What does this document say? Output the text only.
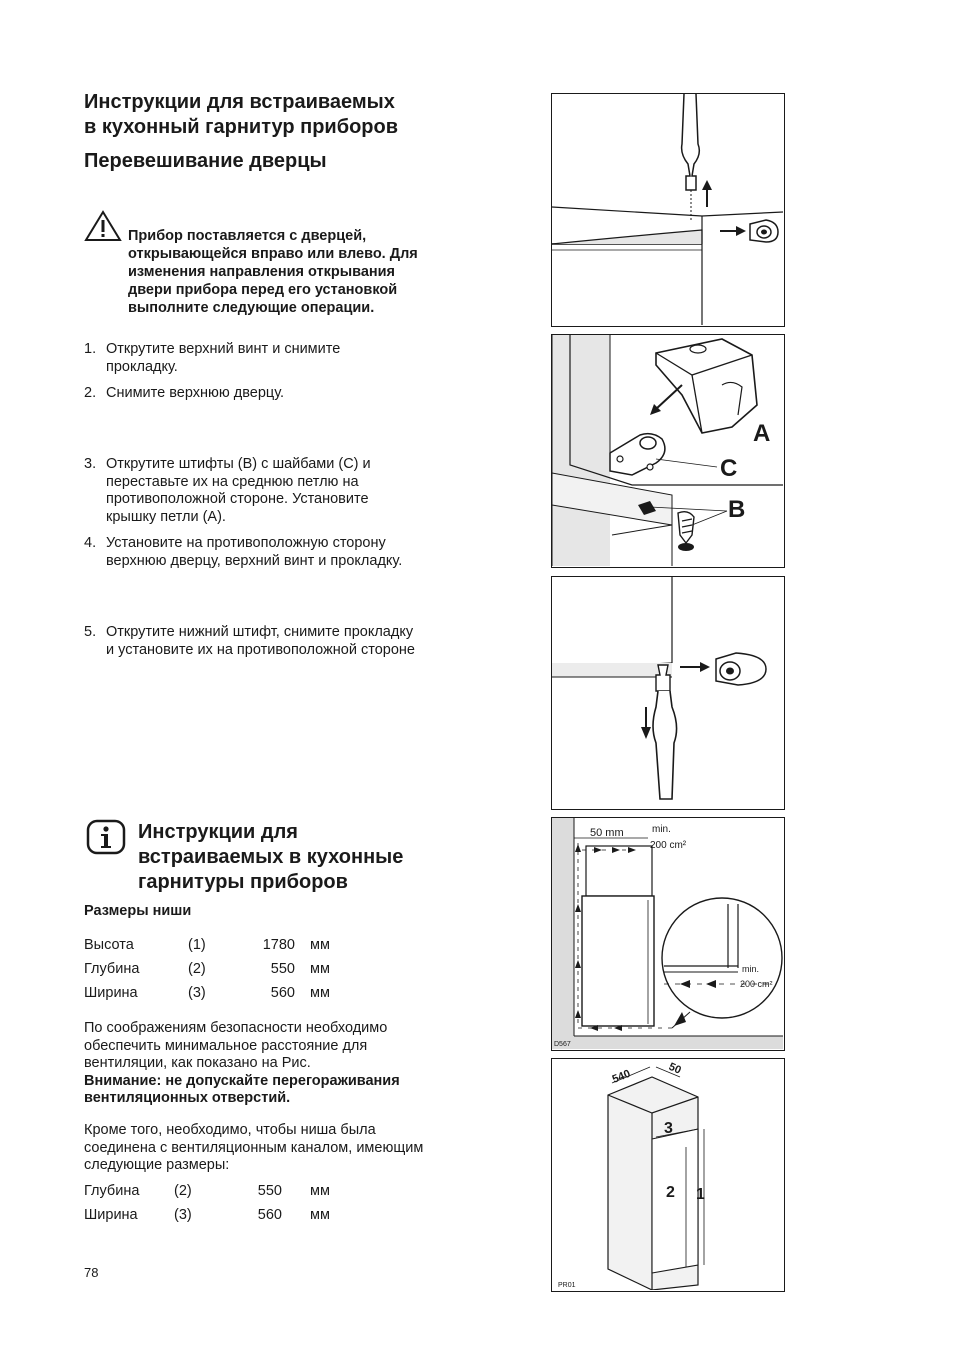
Инструкции для встраиваемых
в кухонный гарнитур приборов
Перевешивание дверцы
Прибор поставляется с дверцей,
открывающейся вправо или влево. Для
изменения направления открывания
двери прибора перед его установкой
выполните следующие операции.
1. Открутите верхний винт и снимите
прокладку.
2. Снимите верхнюю дверцу.
3. Открутите штифты (B) с шайбами (C) и
переставьте их на среднюю петлю на
противоположной стороне. Установите
крышку петли (A).
4. Установите на противоположную сторону
верхнюю дверцу, верхний винт и прокладку.
5. Открутите нижний штифт, снимите прокладку
и установите их на противоположной стороне
Инструкции для
встраиваемых в кухонные
гарнитуры приборов
Размеры ниши
Высота	(1)	1780 мм
Глубина	(2)	550 мм
Ширина	(3)	560 мм
По соображениям безопасности необходимо
обеспечить минимальное расстояние для
вентиляции, как показано на Рис.
Внимание: не допускайте перегораживания
вентиляционных отверстий.
Кроме того, необходимо, чтобы ниша была
соединена с вентиляционным каналом, имеющим
следующие размеры:
Глубина (2)	550 мм
Ширина	(3)	560 мм
78
A
C
B
50 mm	min.
200 cm²
min.
200 cm²
D567
540	50
3
2 1
PR01
